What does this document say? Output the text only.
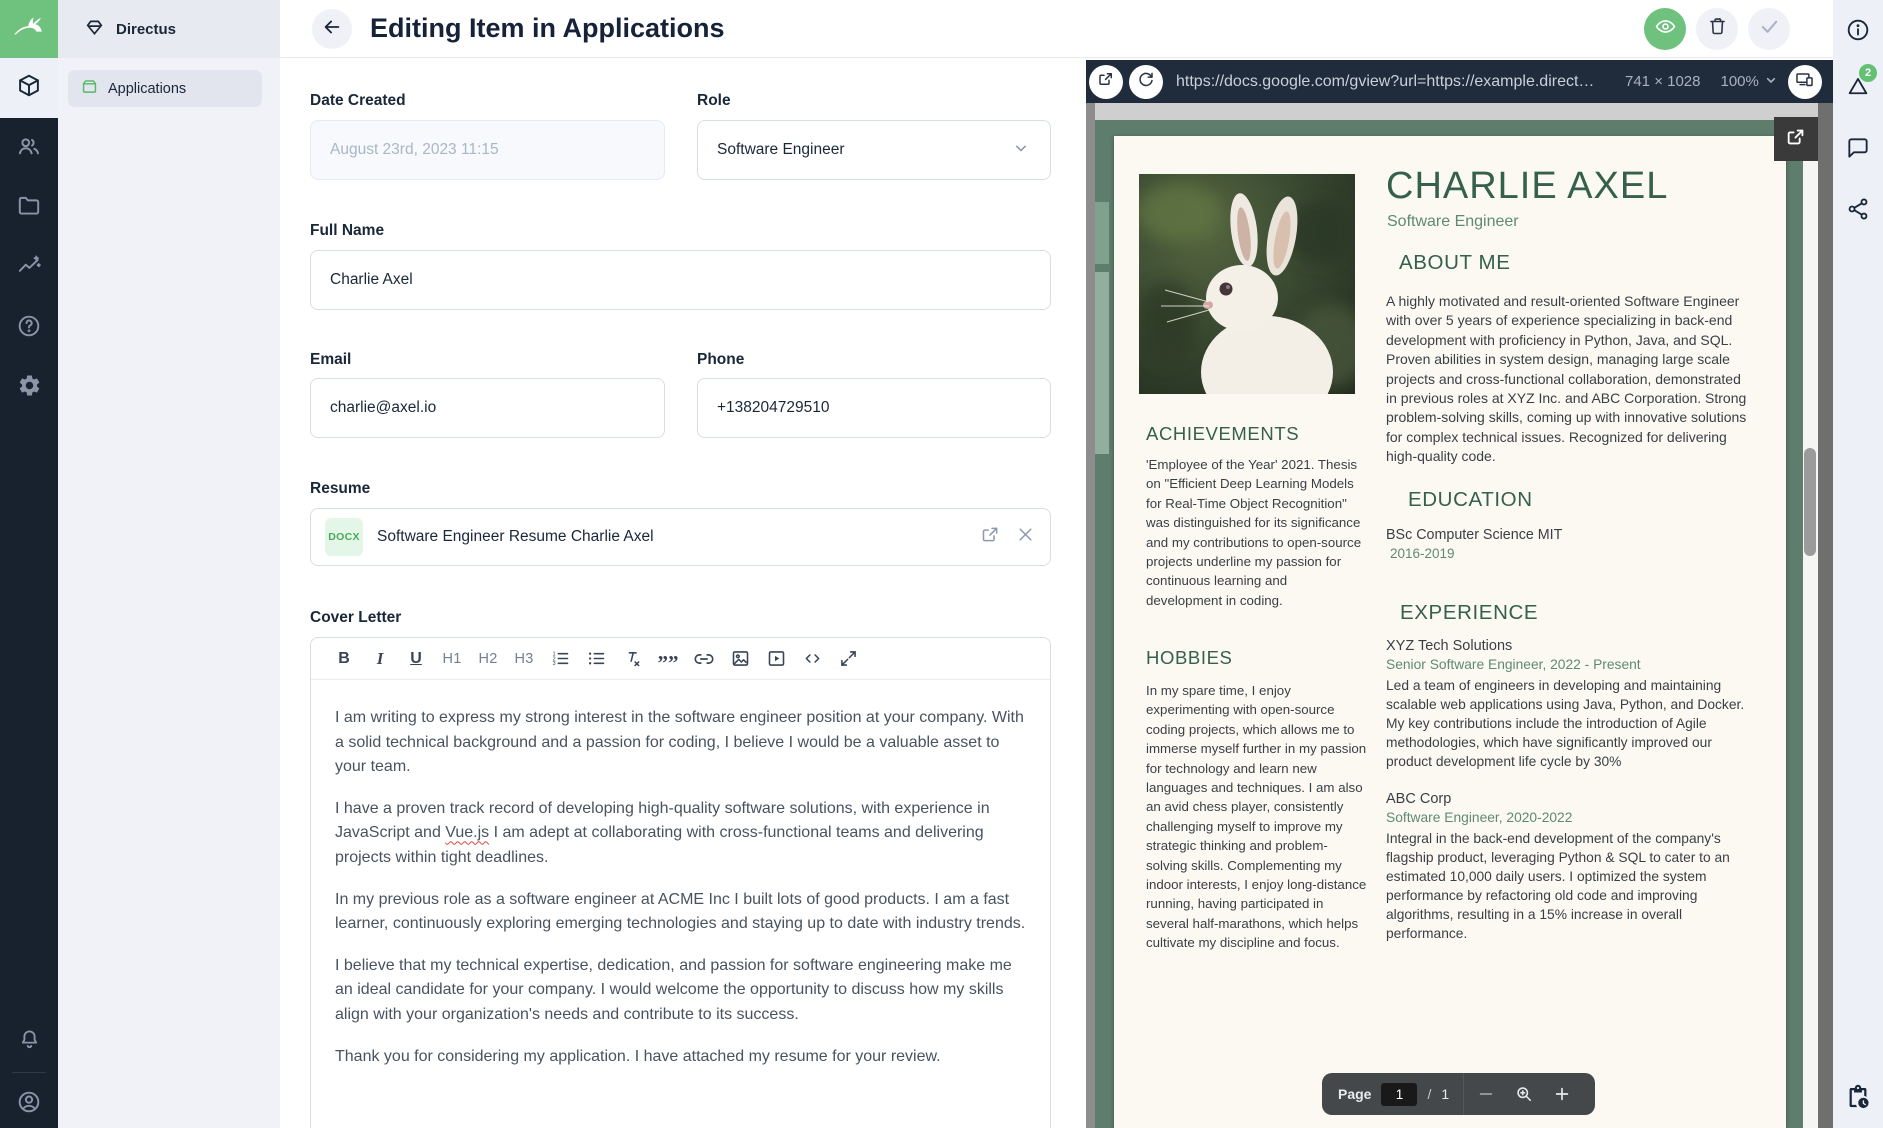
Directus
Applications
Editing Item in Applications
Date Created
August 23rd, 2023 11:15
Role
Software Engineer
Full Name
Charlie Axel
Email
charlie@axel.io
Phone
+138204729510
Resume
DOCX Software Engineer Resume Charlie Axel
Cover Letter
B	I	U	H1 H2 H3	1
2
3	””

I am writing to express my strong interest in the software engineer position at your company. With a solid technical background and a passion for coding, I believe I would be a valuable asset to your team.

I have a proven track record of developing high-quality software solutions, with experience in JavaScript and Vue.js I am adept at collaborating with cross-functional teams and delivering projects within tight deadlines.

In my previous role as a software engineer at ACME Inc I built lots of good products. I am a fast learner, continuously exploring emerging technologies and staying up to date with industry trends.

I believe that my technical expertise, dedication, and passion for software engineering make me an ideal candidate for your company. I would welcome the opportunity to discuss how my skills align with your organization's needs and contribute to its success.

Thank you for considering my application. I have attached my resume for your review.

https://docs.google.com/gview?url=https://example.direct…	741 × 1028 100%
CHARLIE AXEL
Software Engineer
ABOUT ME
A highly motivated and result-oriented Software Engineer with over 5 years of experience specializing in back-end development with proficiency in Python, Java, and SQL. Proven abilities in system design, managing large scale projects and cross-functional collaboration, demonstrated in previous roles at XYZ Inc. and ABC Corporation. Strong problem-solving skills, coming up with innovative solutions for complex technical issues. Recognized for delivering high-quality code.
ACHIEVEMENTS
'Employee of the Year' 2021. Thesis on "Efficient Deep Learning Models for Real-Time Object Recognition" was distinguished for its significance and my contributions to open-source projects underline my passion for continuous learning and development in coding.
HOBBIES
In my spare time, I enjoy experimenting with open-source coding projects, which allows me to immerse myself further in my passion for technology and learn new languages and techniques. I am also an avid chess player, consistently challenging myself to improve my strategic thinking and problem-solving skills. Complementing my indoor interests, I enjoy long-distance running, having participated in several half-marathons, which helps cultivate my discipline and focus.
EDUCATION
BSc Computer Science MIT
2016-2019
EXPERIENCE
XYZ Tech Solutions
Senior Software Engineer, 2022 - Present
Led a team of engineers in developing and maintaining scalable web applications using Java, Python, and Docker. My key contributions include the introduction of Agile methodologies, which have significantly improved our product development life cycle by 30%
ABC Corp
Software Engineer, 2020-2022
Integral in the back-end development of the company's flagship product, leveraging Python & SQL to cater to an estimated 10,000 daily users. I optimized the system performance by refactoring old code and improving algorithms, resulting in a 15% increase in overall performance.
Page	1	/ 1
2
